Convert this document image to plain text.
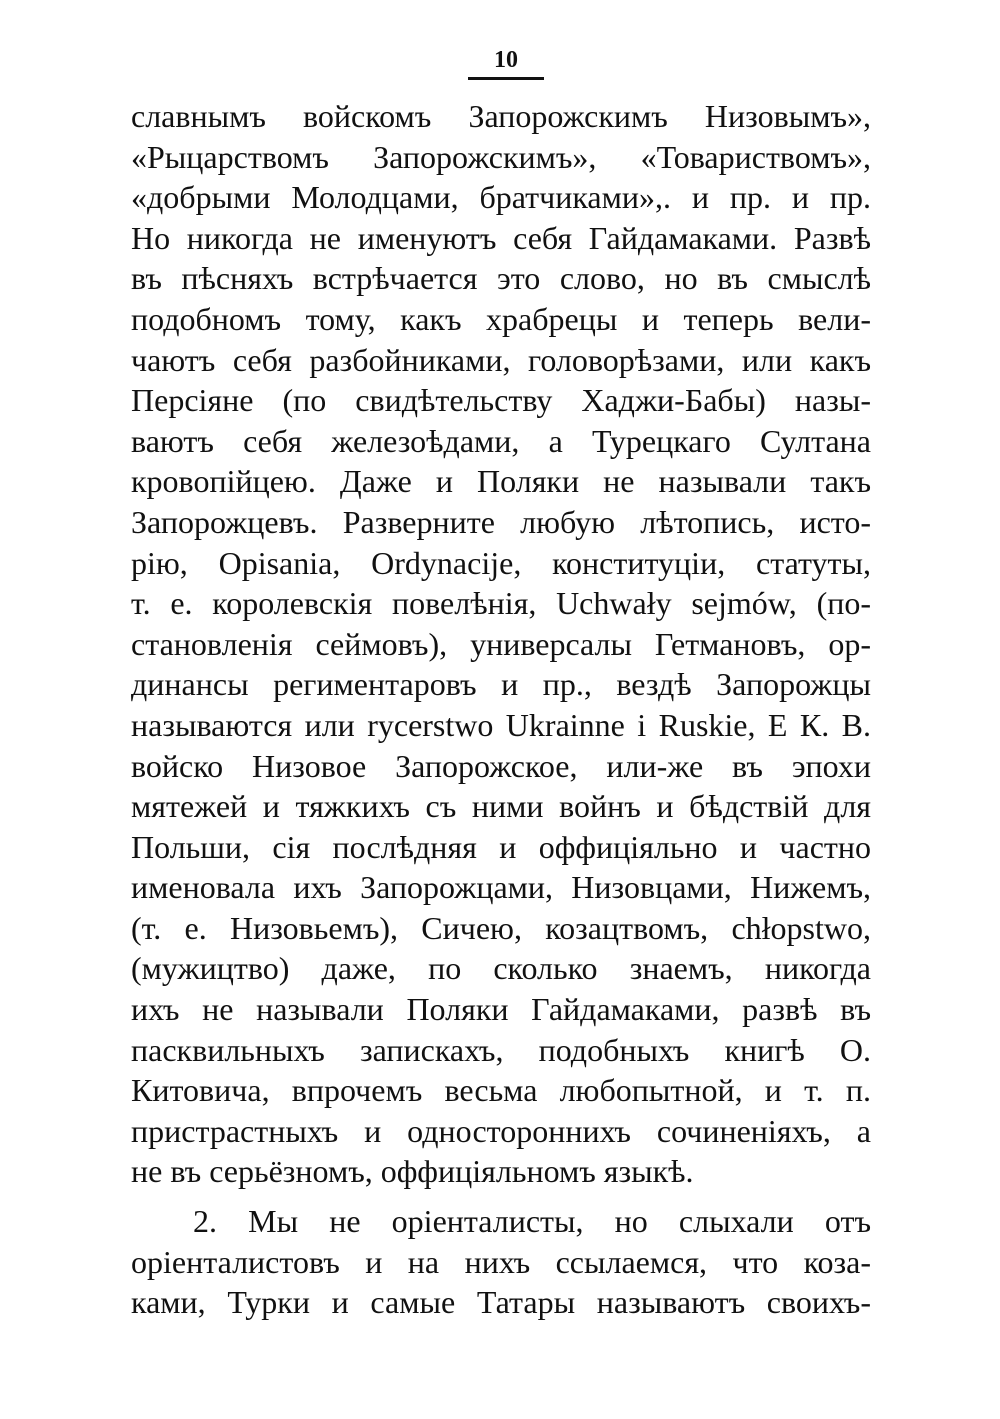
10
славнымъ войскомъ Запорожскимъ Низовымъ»,
«Рыцарствомъ Запорожскимъ», «Товариствомъ»,
«добрыми Молодцами, братчиками»,. и пр. и пр.
Но никогда не именуютъ себя Гайдамаками. Развѣ
въ пѣсняхъ встрѣчается это слово, но въ смыслѣ
подобномъ тому, какъ храбрецы и теперь вели-
чаютъ себя разбойниками, головорѣзами, или какъ
Персіяне (по свидѣтельству Хаджи-Бабы) назы-
ваютъ себя железоѣдами, а Турецкаго Султана
кровопійцею. Даже и Поляки не называли такъ
Запорожцевъ. Разверните любую лѣтопись, исто-
рію, Opisania, Ordynacije, конституціи, статуты,
т. е. королевскія повелѣнія, Uchwały sejmów, (по-
становленія сеймовъ), универсалы Гетмановъ, ор-
динансы региментаровъ и пр., вездѣ Запорожцы
называются или rycerstwo Ukrainne i Ruskie, Е К. В.
войско Низовое Запорожское, или-же въ эпохи
мятежей и тяжкихъ съ ними войнъ и бѣдствій для
Польши, сія послѣдняя и оффиціяльно и частно
именовала ихъ Запорожцами, Низовцами, Нижемъ,
(т. е. Низовьемъ), Сичею, козацтвомъ, chłopstwo,
(мужицтво) даже, по сколько знаемъ, никогда
ихъ не называли Поляки Гайдамаками, развѣ въ
пасквильныхъ запискахъ, подобныхъ книгѣ О.
Китовича, впрочемъ весьма любопытной, и т. п.
пристрастныхъ и одностороннихъ сочиненіяхъ, а
не въ серьёзномъ, оффиціяльномъ языкѣ.
2. Мы не оріенталисты, но слыхали отъ
оріенталистовъ и на нихъ ссылаемся, что коза-
ками, Турки и самые Татары называютъ своихъ-
